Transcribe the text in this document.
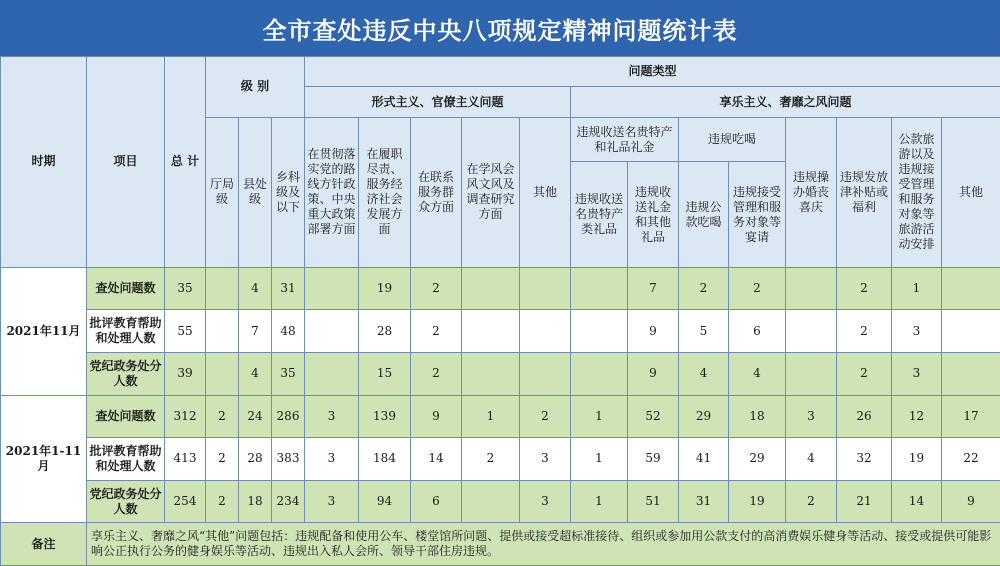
全市查处违反中央八项规定精神问题统计表
时期	项目	总 计	级 别			问题类型												
						形式主义、官僚主义问题					享乐主义、奢靡之风问题							
			厅局级	县处级	乡科级及以下	在贯彻落实党的路线方针政策、中央重大政策部署方面	在履职尽责、服务经济社会发展方面	在联系服务群众方面	在学风会风文风及调查研究方面	其他	违规收送名贵特产和礼品礼金		违规吃喝		违规操办婚丧喜庆	违规发放津补贴或福利	公款旅游以及违规接受管理和服务对象等旅游活动安排	其他
											违规收送名贵特产类礼品	违规收送礼金和其他礼品	违规公款吃喝	违规接受管理和服务对象等宴请				
2021年11月	查处问题数	35		4	31		19	2				7	2	2		2	1	
	批评教育帮助和处理人数	55		7	48		28	2				9	5	6		2	3	
	党纪政务处分人数	39		4	35		15	2				9	4	4		2	3	
2021年1-11月	查处问题数	312	2	24	286	3	139	9	1	2	1	52	29	18	3	26	12	17
	批评教育帮助和处理人数	413	2	28	383	3	184	14	2	3	1	59	41	29	4	32	19	22
	党纪政务处分人数	254	2	18	234	3	94	6		3	1	51	31	19	2	21	14	9
备注	享乐主义、奢靡之风“其他”问题包括：违规配备和使用公车、楼堂馆所问题、提供或接受超标准接待、组织或参加用公款支付的高消费娱乐健身等活动、接受或提供可能影响公正执行公务的健身娱乐等活动、违规出入私人会所、领导干部住房违规。																	
